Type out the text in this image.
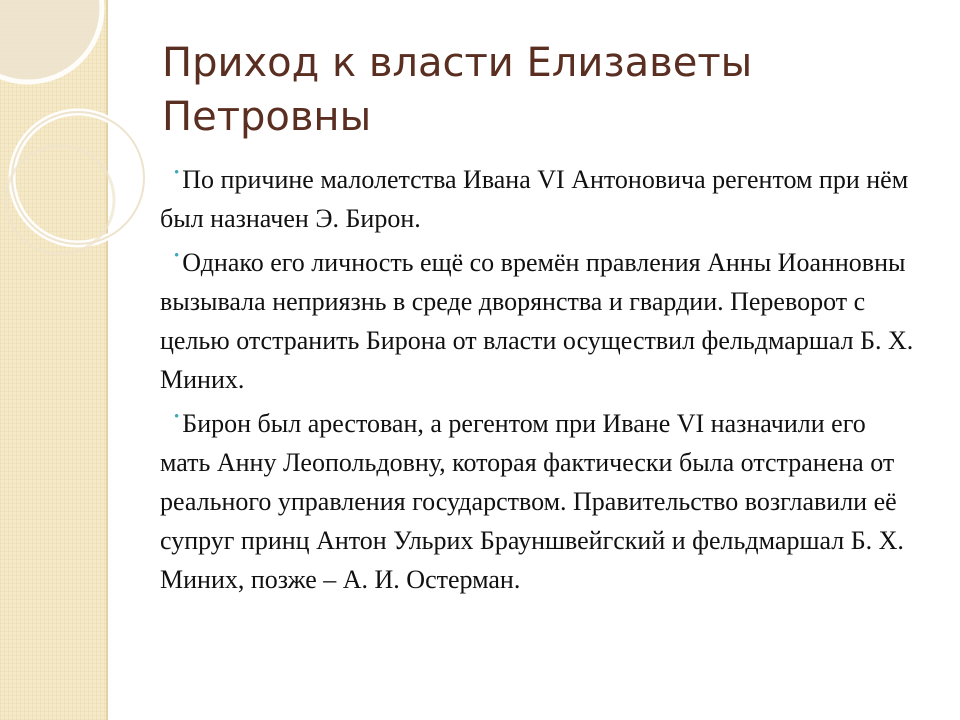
Приход к власти Елизаветы Петровны
• По причине малолетства Ивана VI Антоновича регентом при нём был назначен Э. Бирон.
• Однако его личность ещё со времён правления Анны Иоанновны вызывала неприязнь в среде дворянства и гвардии. Переворот с целью отстранить Бирона от власти осуществил фельдмаршал Б. Х. Миних.
• Бирон был арестован, а регентом при Иване VI назначили его мать Анну Леопольдовну, которая фактически была отстранена от реального управления государством. Правительство возглавили её супруг принц Антон Ульрих Брауншвейгский и фельдмаршал Б. Х. Миних, позже – А. И. Остерман.
